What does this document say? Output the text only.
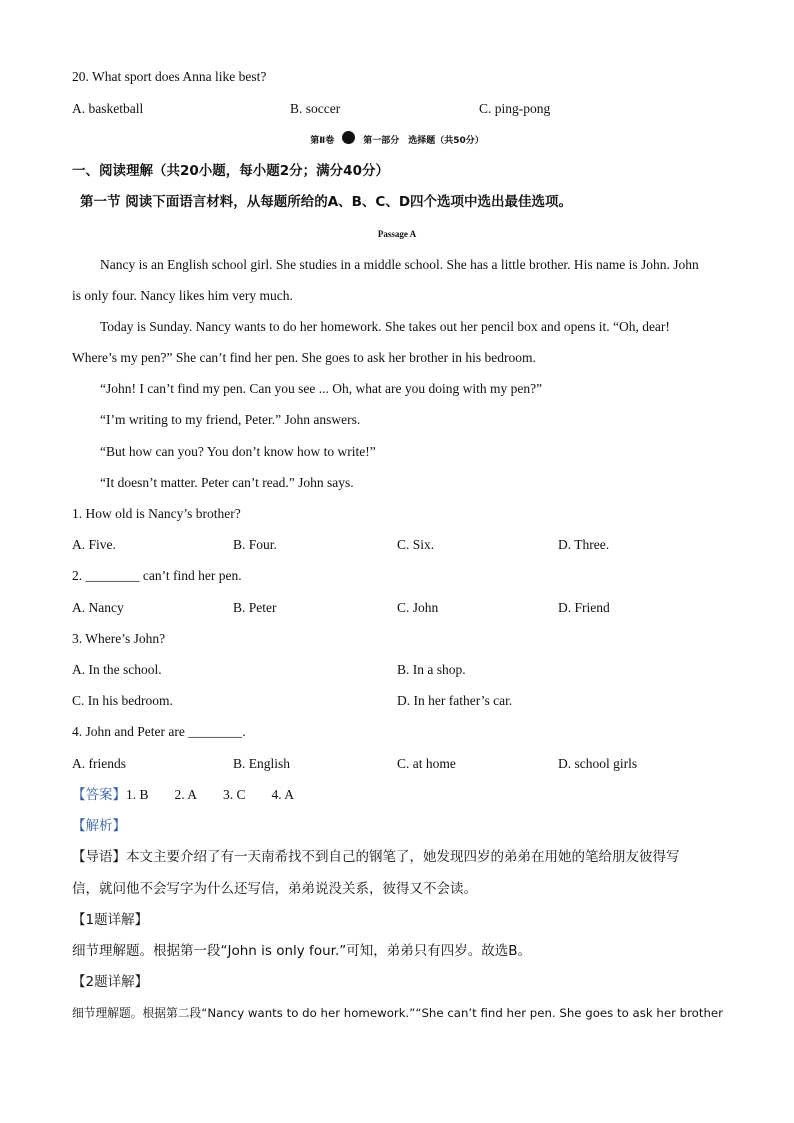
20. What sport does Anna like best?
A. basketball	B. soccer	C. ping-pong
第Ⅱ卷	第一部分　选择题（共50分）
一、阅读理解（共20小题，每小题2分；满分40分）
第一节 阅读下面语言材料，从每题所给的A、B、C、D四个选项中选出最佳选项。
Passage A
Nancy is an English school girl. She studies in a middle school. She has a little brother. His name is John. John
is only four. Nancy likes him very much.
Today is Sunday. Nancy wants to do her homework. She takes out her pencil box and opens it. “Oh, dear!
Where’s my pen?” She can’t find her pen. She goes to ask her brother in his bedroom.
“John! I can’t find my pen. Can you see ... Oh, what are you doing with my pen?”
“I’m writing to my friend, Peter.” John answers.
“But how can you? You don’t know how to write!”
“It doesn’t matter. Peter can’t read.” John says.
1. How old is Nancy’s brother?
A. Five.	B. Four.	C. Six.	D. Three.
2. ________ can’t find her pen.
A. Nancy	B. Peter	C. John	D. Friend
3. Where’s John?
A. In the school.	B. In a shop.
C. In his bedroom.	D. In her father’s car.
4. John and Peter are ________.
A. friends	B. English	C. at home	D. school girls
【答案】1. B 2. A 3. C 4. A
【解析】
【导语】本文主要介绍了有一天南希找不到自己的钢笔了，她发现四岁的弟弟在用她的笔给朋友彼得写
信，就问他不会写字为什么还写信，弟弟说没关系，彼得又不会读。
【1题详解】
细节理解题。根据第一段“John is only four.”可知，弟弟只有四岁。故选B。
【2题详解】
细节理解题。根据第二段“Nancy wants to do her homework.”“She can’t find her pen. She goes to ask her brother
